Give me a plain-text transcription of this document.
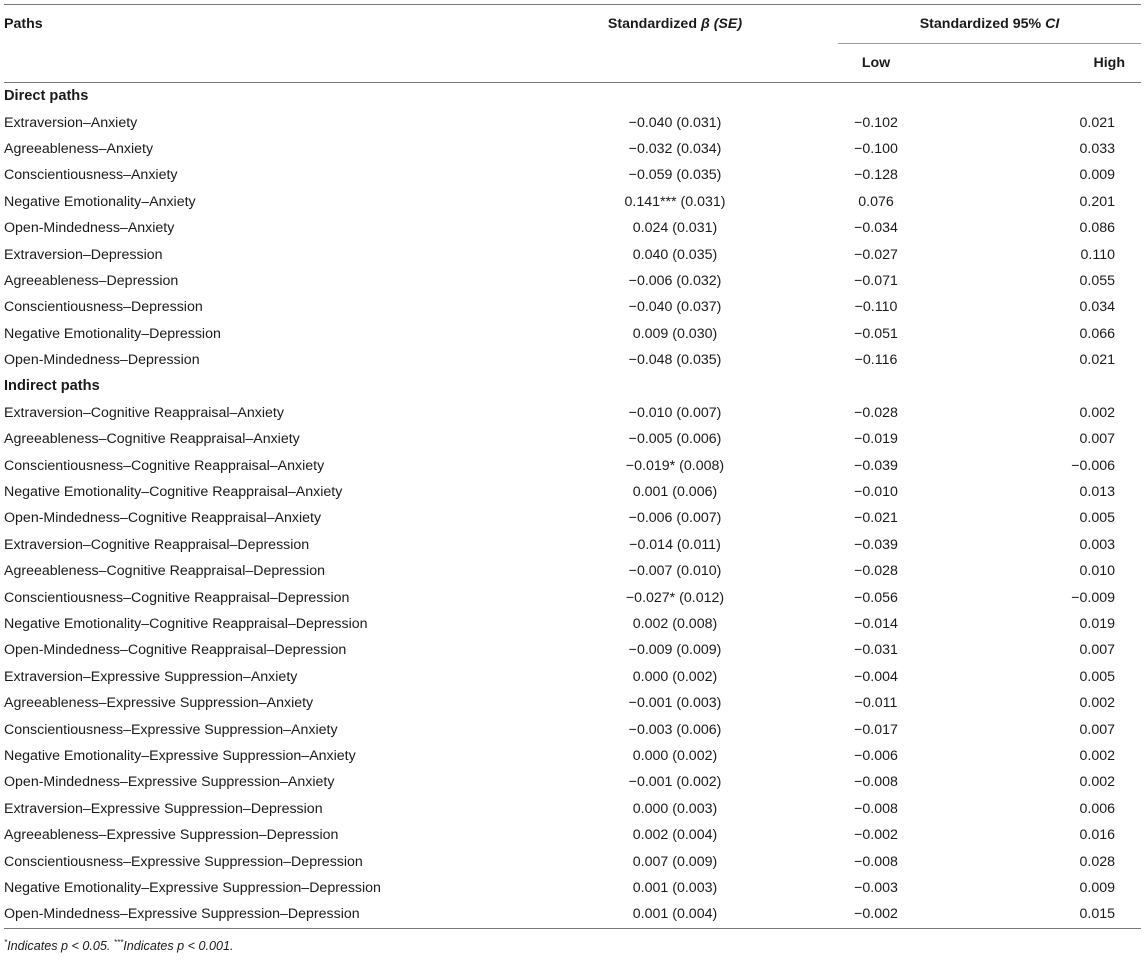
Paths	Standardized β (SE)	Standardized 95% CI	
		Low	High
Direct paths			
Extraversion–Anxiety	−0.040 (0.031)	−0.102	0.021
Agreeableness–Anxiety	−0.032 (0.034)	−0.100	0.033
Conscientiousness–Anxiety	−0.059 (0.035)	−0.128	0.009
Negative Emotionality–Anxiety	0.141*** (0.031)	0.076	0.201
Open-Mindedness–Anxiety	0.024 (0.031)	−0.034	0.086
Extraversion–Depression	0.040 (0.035)	−0.027	0.110
Agreeableness–Depression	−0.006 (0.032)	−0.071	0.055
Conscientiousness–Depression	−0.040 (0.037)	−0.110	0.034
Negative Emotionality–Depression	0.009 (0.030)	−0.051	0.066
Open-Mindedness–Depression	−0.048 (0.035)	−0.116	0.021
Indirect paths			
Extraversion–Cognitive Reappraisal–Anxiety	−0.010 (0.007)	−0.028	0.002
Agreeableness–Cognitive Reappraisal–Anxiety	−0.005 (0.006)	−0.019	0.007
Conscientiousness–Cognitive Reappraisal–Anxiety	−0.019* (0.008)	−0.039	−0.006
Negative Emotionality–Cognitive Reappraisal–Anxiety	0.001 (0.006)	−0.010	0.013
Open-Mindedness–Cognitive Reappraisal–Anxiety	−0.006 (0.007)	−0.021	0.005
Extraversion–Cognitive Reappraisal–Depression	−0.014 (0.011)	−0.039	0.003
Agreeableness–Cognitive Reappraisal–Depression	−0.007 (0.010)	−0.028	0.010
Conscientiousness–Cognitive Reappraisal–Depression	−0.027* (0.012)	−0.056	−0.009
Negative Emotionality–Cognitive Reappraisal–Depression	0.002 (0.008)	−0.014	0.019
Open-Mindedness–Cognitive Reappraisal–Depression	−0.009 (0.009)	−0.031	0.007
Extraversion–Expressive Suppression–Anxiety	0.000 (0.002)	−0.004	0.005
Agreeableness–Expressive Suppression–Anxiety	−0.001 (0.003)	−0.011	0.002
Conscientiousness–Expressive Suppression–Anxiety	−0.003 (0.006)	−0.017	0.007
Negative Emotionality–Expressive Suppression–Anxiety	0.000 (0.002)	−0.006	0.002
Open-Mindedness–Expressive Suppression–Anxiety	−0.001 (0.002)	−0.008	0.002
Extraversion–Expressive Suppression–Depression	0.000 (0.003)	−0.008	0.006
Agreeableness–Expressive Suppression–Depression	0.002 (0.004)	−0.002	0.016
Conscientiousness–Expressive Suppression–Depression	0.007 (0.009)	−0.008	0.028
Negative Emotionality–Expressive Suppression–Depression	0.001 (0.003)	−0.003	0.009
Open-Mindedness–Expressive Suppression–Depression	0.001 (0.004)	−0.002	0.015
*Indicates p < 0.05. ***Indicates p < 0.001.
